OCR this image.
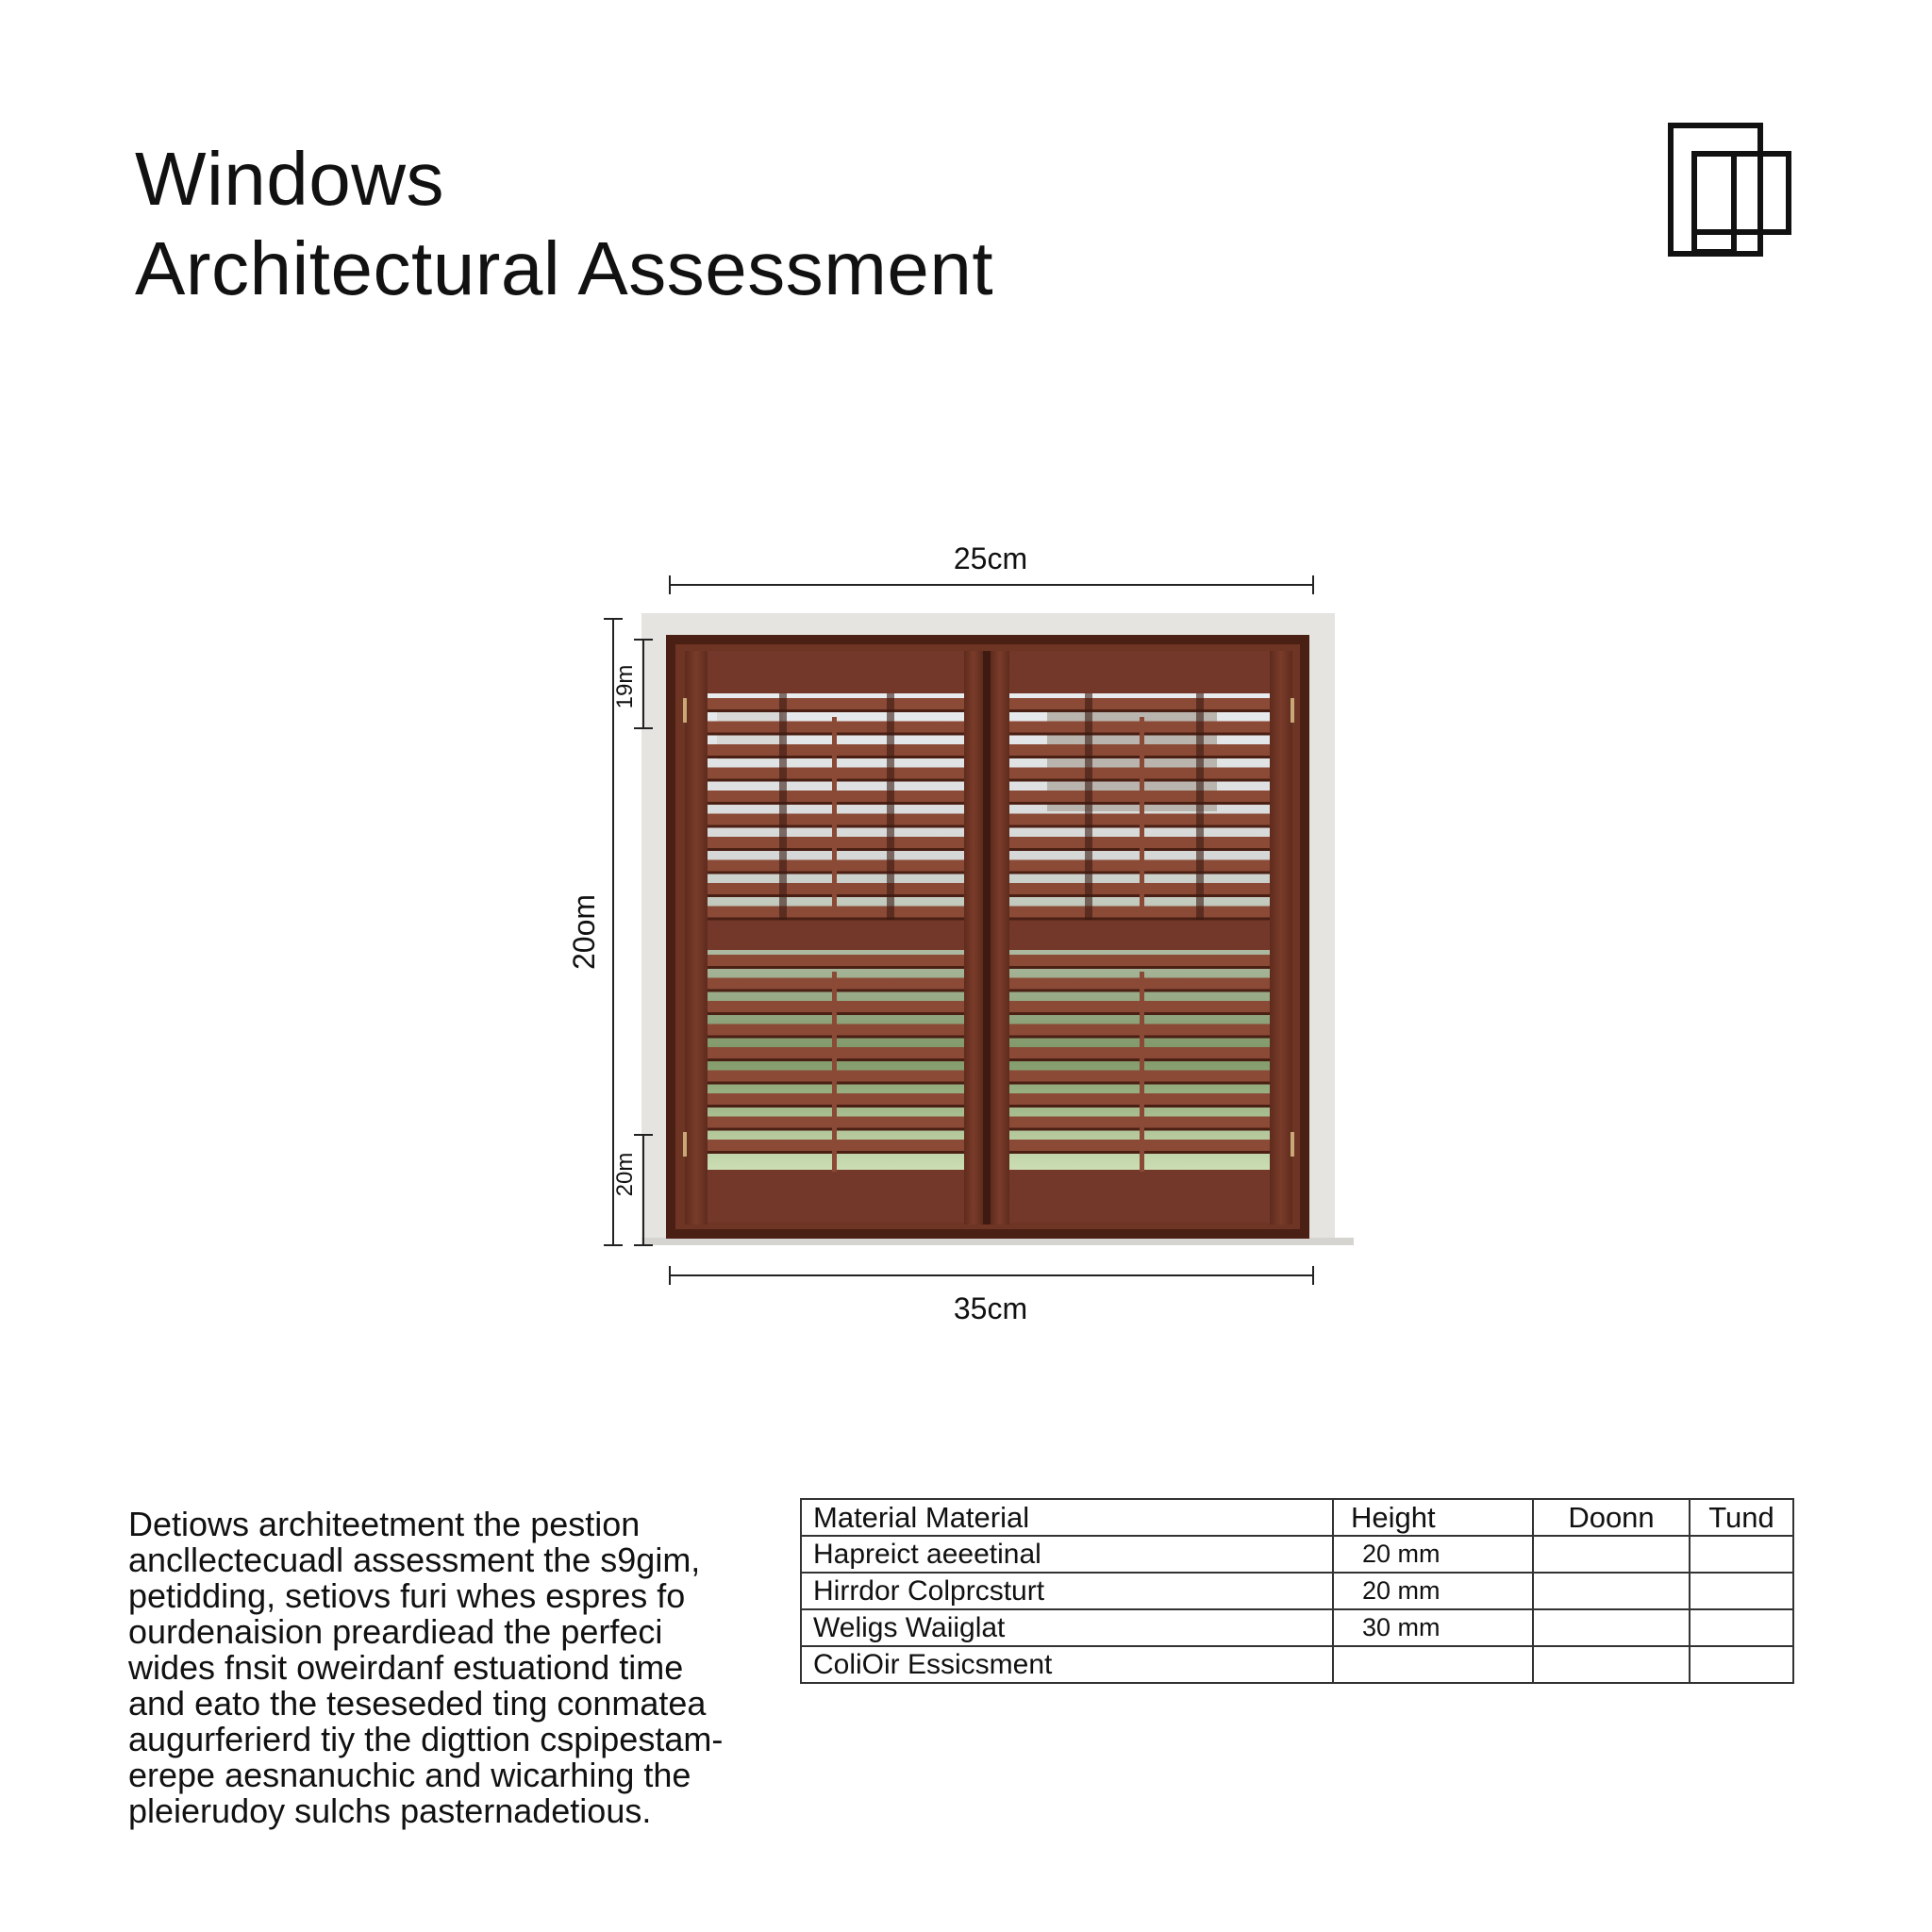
Windows
Architectural Assessment
25cm
35cm
20om
19m
20m

Detiows architeetment the pestion ancllectecuadl assessment the s9gim, petidding, setiovs furi whes espres fo ourdenaision preardiead the perfeci wides fnsit oweirdanf estuationd time and eato the teseseded ting conmatea augurferierd tiy the digttion cspipestam-erepe aesnanuchic and wicarhing the pleierudoy sulchs pasternadetious.

Material Material	Height	Doonn	Tund
Hapreict aeeetinal	20 mm		
Hirrdor Colprcsturt	20 mm		
Weligs Waiiglat	30 mm		
ColiOir Essicsment			
